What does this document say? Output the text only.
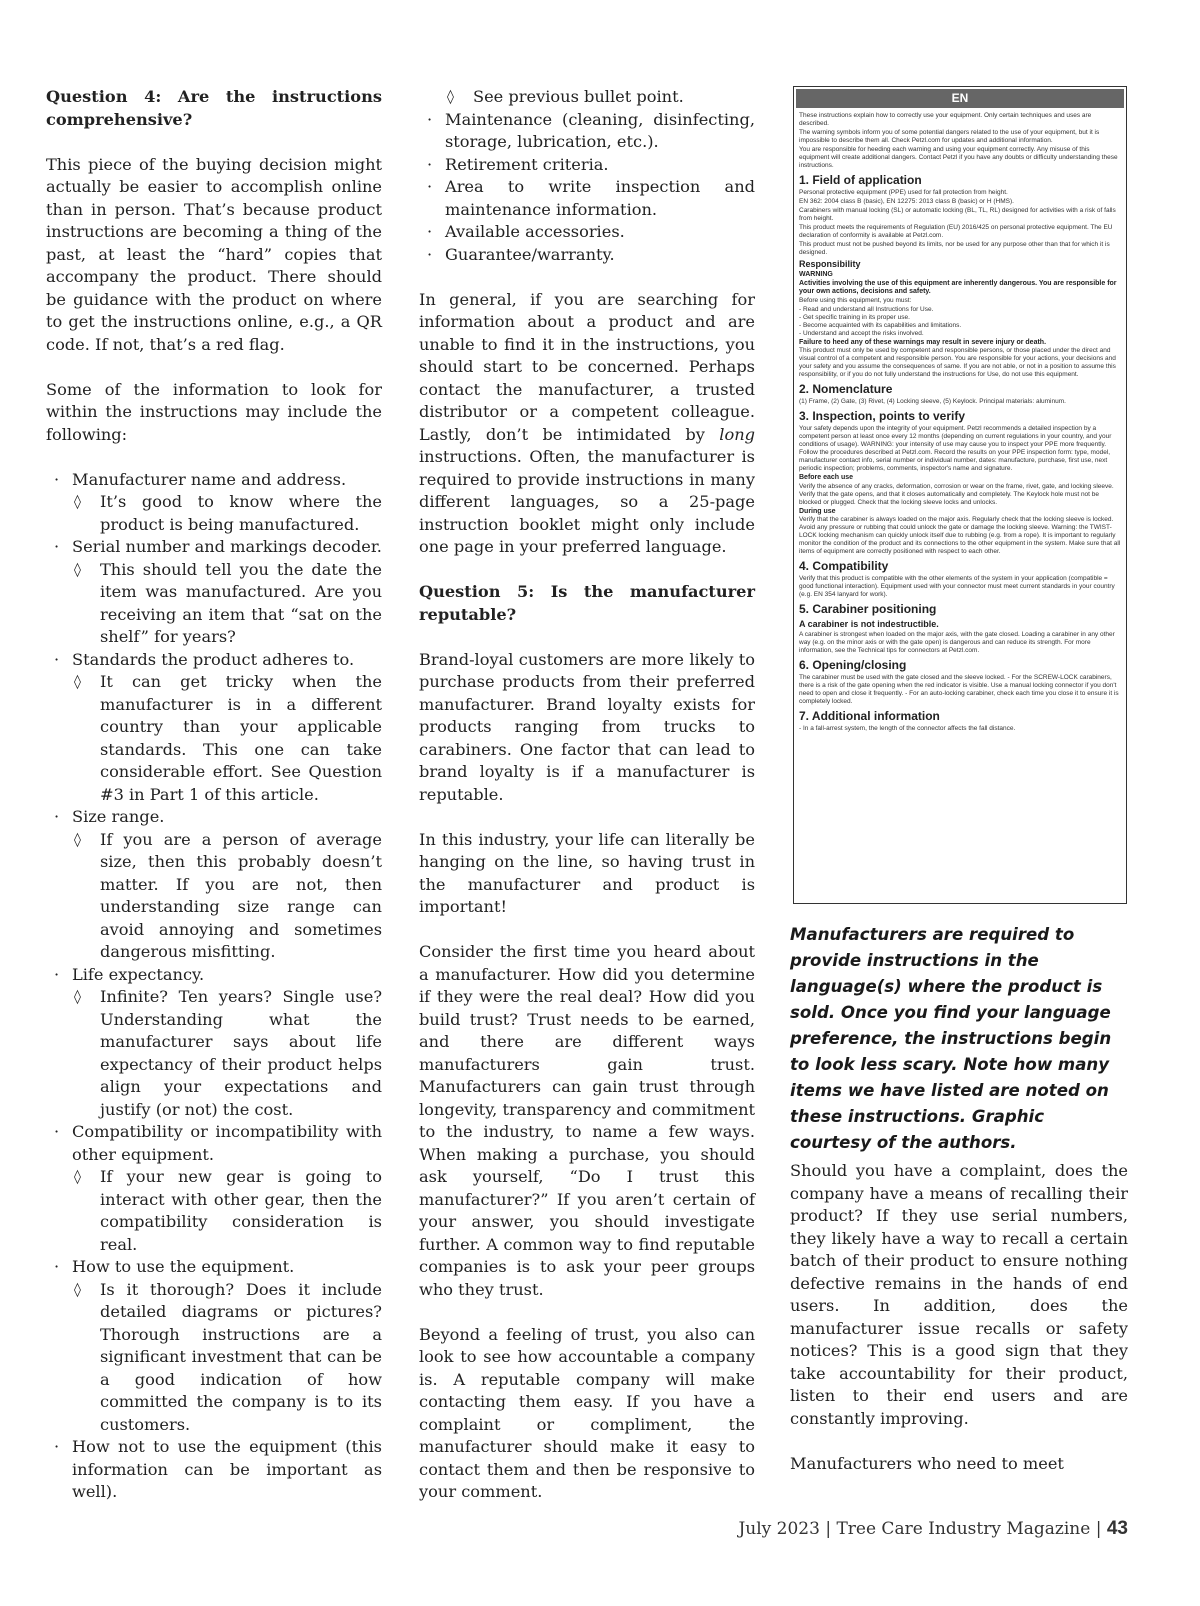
Question 4: Are the instructions comprehensive?

This piece of the buying decision might actually be easier to accomplish online than in person. That’s because product instructions are becoming a thing of the past, at least the “hard” copies that accompany the product. There should be guidance with the product on where to get the instructions online, e.g., a QR code. If not, that’s a red flag.

Some of the information to look for within the instructions may include the following:

· Manufacturer name and address.
◊ It’s good to know where the product is being manufactured.
· Serial number and markings decoder.
◊ This should tell you the date the item was manufactured. Are you receiving an item that “sat on the shelf” for years?
· Standards the product adheres to.
◊ It can get tricky when the manufacturer is in a different country than your applicable standards. This one can take considerable effort. See Question #3 in Part 1 of this article.
· Size range.
◊ If you are a person of average size, then this probably doesn’t matter. If you are not, then understanding size range can avoid annoying and sometimes dangerous misfitting.
· Life expectancy.
◊ Infinite? Ten years? Single use? Understanding what the manufacturer says about life expectancy of their product helps align your expectations and justify (or not) the cost.
· Compatibility or incompatibility with other equipment.
◊ If your new gear is going to interact with other gear, then the compatibility consideration is real.
· How to use the equipment.
◊ Is it thorough? Does it include detailed diagrams or pictures? Thorough instructions are a significant investment that can be a good indication of how committed the company is to its customers.
· How not to use the equipment (this information can be important as well).
◊ See previous bullet point.
· Maintenance (cleaning, disinfecting, storage, lubrication, etc.).
· Retirement criteria.
· Area to write inspection and maintenance information.
· Available accessories.
· Guarantee/warranty.

In general, if you are searching for information about a product and are unable to find it in the instructions, you should start to be concerned. Perhaps contact the manufacturer, a trusted distributor or a competent colleague. Lastly, don’t be intimidated by long instructions. Often, the manufacturer is required to provide instructions in many different languages, so a 25-page instruction booklet might only include one page in your preferred language.

Question 5: Is the manufacturer reputable?

Brand-loyal customers are more likely to purchase products from their preferred manufacturer. Brand loyalty exists for products ranging from trucks to carabiners. One factor that can lead to brand loyalty is if a manufacturer is reputable.

In this industry, your life can literally be hanging on the line, so having trust in the manufacturer and product is important!

Consider the first time you heard about a manufacturer. How did you determine if they were the real deal? How did you build trust? Trust needs to be earned, and there are different ways manufacturers gain trust. Manufacturers can gain trust through longevity, transparency and commitment to the industry, to name a few ways. When making a purchase, you should ask yourself, “Do I trust this manufacturer?” If you aren’t certain of your answer, you should investigate further. A common way to find reputable companies is to ask your peer groups who they trust.

Beyond a feeling of trust, you also can look to see how accountable a company is. A reputable company will make contacting them easy. If you have a complaint or compliment, the manufacturer should make it easy to contact them and then be responsive to your comment.

EN
These instructions explain how to correctly use your equipment. Only certain techniques and uses are described.
The warning symbols inform you of some potential dangers related to the use of your equipment, but it is impossible to describe them all. Check Petzl.com for updates and additional information.
You are responsible for heeding each warning and using your equipment correctly. Any misuse of this equipment will create additional dangers. Contact Petzl if you have any doubts or difficulty understanding these instructions.
1. Field of application
Personal protective equipment (PPE) used for fall protection from height.
EN 362: 2004 class B (basic), EN 12275: 2013 class B (basic) or H (HMS).
Carabiners with manual locking (SL) or automatic locking (BL, TL, RL) designed for activities with a risk of falls from height.
This product meets the requirements of Regulation (EU) 2016/425 on personal protective equipment. The EU declaration of conformity is available at Petzl.com.
This product must not be pushed beyond its limits, nor be used for any purpose other than that for which it is designed.
Responsibility
WARNING
Activities involving the use of this equipment are inherently dangerous. You are responsible for your own actions, decisions and safety.
Before using this equipment, you must:
- Read and understand all Instructions for Use.
- Get specific training in its proper use.
- Become acquainted with its capabilities and limitations.
- Understand and accept the risks involved.
Failure to heed any of these warnings may result in severe injury or death.
This product must only be used by competent and responsible persons, or those placed under the direct and visual control of a competent and responsible person. You are responsible for your actions, your decisions and your safety and you assume the consequences of same. If you are not able, or not in a position to assume this responsibility, or if you do not fully understand the instructions for Use, do not use this equipment.
2. Nomenclature
(1) Frame, (2) Gate, (3) Rivet, (4) Locking sleeve, (5) Keylock. Principal materials: aluminum.
3. Inspection, points to verify
Your safety depends upon the integrity of your equipment. Petzl recommends a detailed inspection by a competent person at least once every 12 months (depending on current regulations in your country, and your conditions of usage). WARNING: your intensity of use may cause you to inspect your PPE more frequently. Follow the procedures described at Petzl.com. Record the results on your PPE inspection form: type, model, manufacturer contact info, serial number or individual number, dates: manufacture, purchase, first use, next periodic inspection; problems, comments, inspector's name and signature.
Before each use
Verify the absence of any cracks, deformation, corrosion or wear on the frame, rivet, gate, and locking sleeve. Verify that the gate opens, and that it closes automatically and completely. The Keylock hole must not be blocked or plugged. Check that the locking sleeve locks and unlocks.
During use
Verify that the carabiner is always loaded on the major axis. Regularly check that the locking sleeve is locked. Avoid any pressure or rubbing that could unlock the gate or damage the locking sleeve. Warning: the TWIST-LOCK locking mechanism can quickly unlock itself due to rubbing (e.g. from a rope). It is important to regularly monitor the condition of the product and its connections to the other equipment in the system. Make sure that all items of equipment are correctly positioned with respect to each other.
4. Compatibility
Verify that this product is compatible with the other elements of the system in your application (compatible = good functional interaction). Equipment used with your connector must meet current standards in your country (e.g. EN 354 lanyard for work).
5. Carabiner positioning
A carabiner is not indestructible.
A carabiner is strongest when loaded on the major axis, with the gate closed. Loading a carabiner in any other way (e.g. on the minor axis or with the gate open) is dangerous and can reduce its strength. For more information, see the Technical tips for connectors at Petzl.com.
6. Opening/closing
The carabiner must be used with the gate closed and the sleeve locked. - For the SCREW-LOCK carabiners, there is a risk of the gate opening when the red indicator is visible. Use a manual locking connector if you don't need to open and close it frequently. - For an auto-locking carabiner, check each time you close it to ensure it is completely locked.
7. Additional information
- In a fall-arrest system, the length of the connector affects the fall distance.
Manufacturers are required to provide instructions in the language(s) where the product is sold. Once you find your language preference, the instructions begin to look less scary. Note how many items we have listed are noted on these instructions. Graphic courtesy of the authors.

Should you have a complaint, does the company have a means of recalling their product? If they use serial numbers, they likely have a way to recall a certain batch of their product to ensure nothing defective remains in the hands of end users. In addition, does the manufacturer issue recalls or safety notices? This is a good sign that they take accountability for their product, listen to their end users and are constantly improving.

Manufacturers who need to meet

July 2023 | Tree Care Industry Magazine | 43
